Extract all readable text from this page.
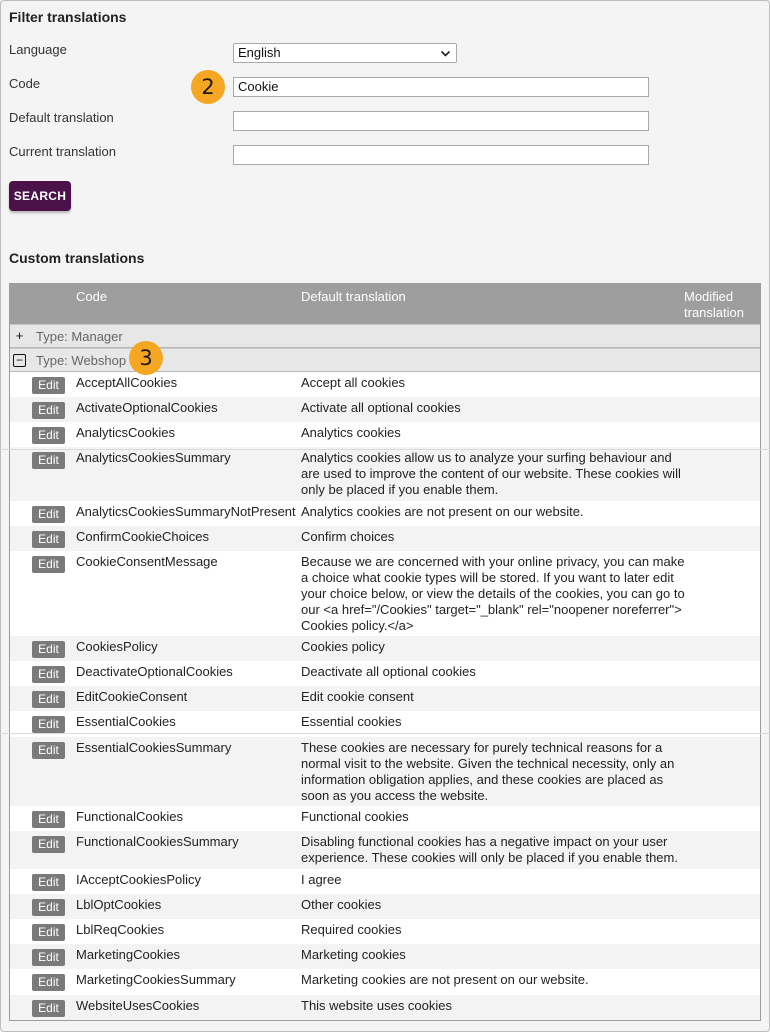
Filter translations
Language	English
Code	2	Cookie
Default translation
Current translation
SEARCH
Custom translations
Code	Default translation	Modified translation
+ Type: Manager
− Type: Webshop
Edit	AcceptAllCookies	Accept all cookies
Edit	ActivateOptionalCookies	Activate all optional cookies
Edit	AnalyticsCookies	Analytics cookies
Edit	AnalyticsCookiesSummary	Analytics cookies allow us to analyze your surfing behaviour and are used to improve the content of our website. These cookies will only be placed if you enable them.
Edit	AnalyticsCookiesSummaryNotPresent Analytics cookies are not present on our website.
Edit	ConfirmCookieChoices	Confirm choices
Edit	CookieConsentMessage	Because we are concerned with your online privacy, you can make a choice what cookie types will be stored. If you want to later edit your choice below, or view the details of the cookies, you can go to our <a href="/Cookies" target="_blank" rel="noopener noreferrer"> Cookies policy.</a>
Edit	CookiesPolicy	Cookies policy
Edit	DeactivateOptionalCookies	Deactivate all optional cookies
Edit	EditCookieConsent	Edit cookie consent
Edit	EssentialCookies	Essential cookies
Edit	EssentialCookiesSummary	These cookies are necessary for purely technical reasons for a normal visit to the website. Given the technical necessity, only an information obligation applies, and these cookies are placed as soon as you access the website.
Edit	FunctionalCookies	Functional cookies
Edit	FunctionalCookiesSummary	Disabling functional cookies has a negative impact on your user experience. These cookies will only be placed if you enable them.
Edit	IAcceptCookiesPolicy	I agree
Edit	LblOptCookies	Other cookies
Edit	LblReqCookies	Required cookies
Edit	MarketingCookies	Marketing cookies
Edit	MarketingCookiesSummary	Marketing cookies are not present on our website.
Edit	WebsiteUsesCookies	This website uses cookies
3
